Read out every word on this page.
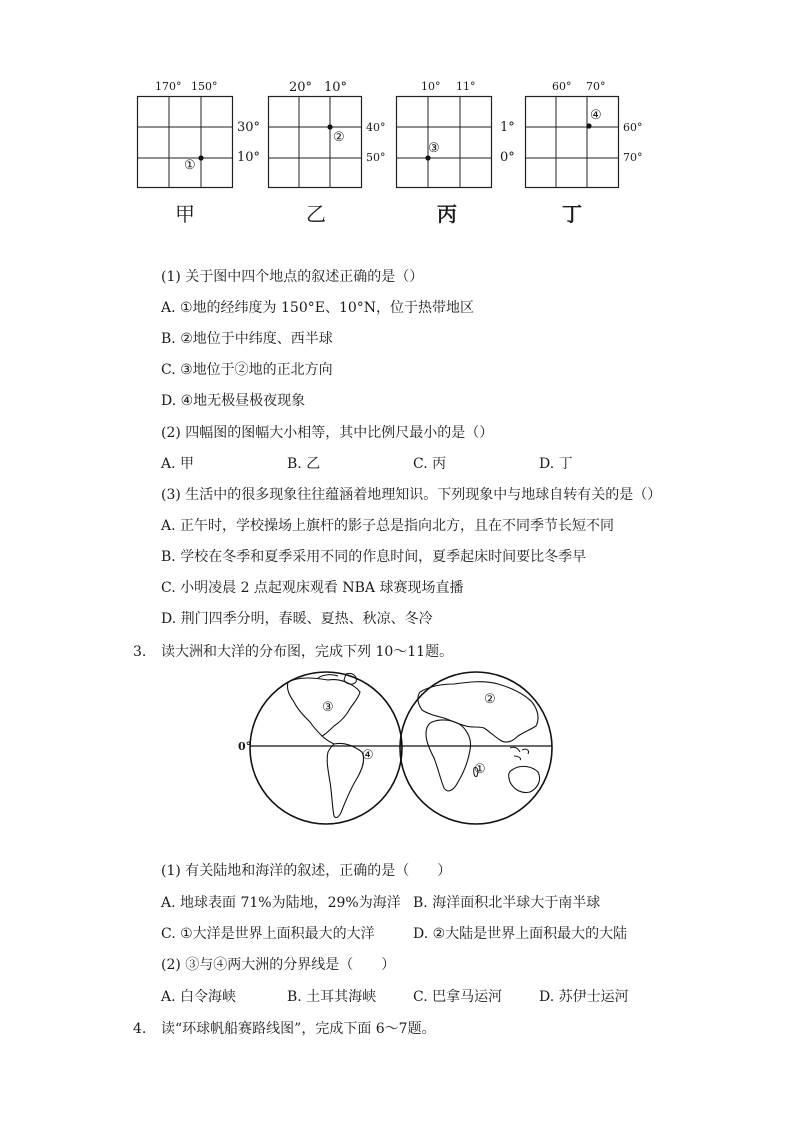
170° 150°
①
30°
10°
甲
20° 10°
②
40°
50°
乙
10° 11°
③
1°
0°
丙
60° 70°
④
60°
70°
丁
(1) 关于图中四个地点的叙述正确的是（）
A. ①地的经纬度为 150°E、10°N，位于热带地区
B. ②地位于中纬度、西半球
C. ③地位于②地的正北方向
D. ④地无极昼极夜现象
(2) 四幅图的图幅大小相等，其中比例尺最小的是（）
A. 甲	B. 乙	C. 丙	D. 丁
(3) 生活中的很多现象往往蕴涵着地理知识。下列现象中与地球自转有关的是（）
A. 正午时，学校操场上旗杆的影子总是指向北方，且在不同季节长短不同
B. 学校在冬季和夏季采用不同的作息时间，夏季起床时间要比冬季早
C. 小明凌晨 2 点起观床观看 NBA 球赛现场直播
D. 荆门四季分明，春暖、夏热、秋凉、冬冷
3. 读大洲和大洋的分布图，完成下列 10～11题。
0°
③
④
②
①
(1) 有关陆地和海洋的叙述，正确的是（　　）
A. 地球表面 71%为陆地，29%为海洋 B. 海洋面积北半球大于南半球
C. ①大洋是世界上面积最大的大洋	D. ②大陆是世界上面积最大的大陆
(2) ③与④两大洲的分界线是（　　）
A. 白令海峡	B. 土耳其海峡	C. 巴拿马运河	D. 苏伊士运河
4. 读“环球帆船赛路线图”，完成下面 6～7题。
